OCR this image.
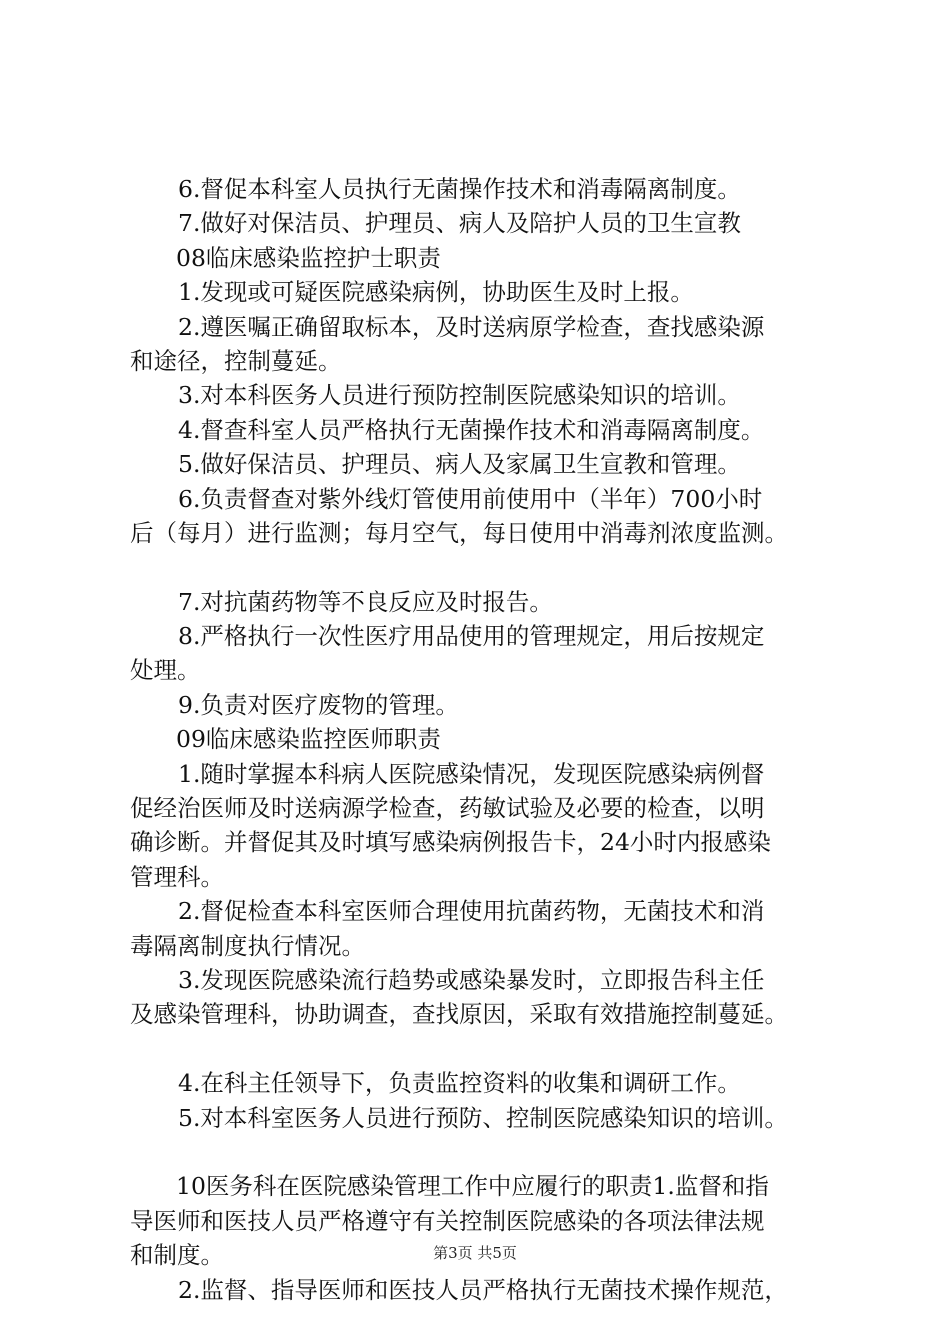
6.督促本科室人员执行无菌操作技术和消毒隔离制度。
7.做好对保洁员、护理员、病人及陪护人员的卫生宣教
08临床感染监控护士职责
1.发现或可疑医院感染病例，协助医生及时上报。
2.遵医嘱正确留取标本，及时送病原学检查，查找感染源
和途径，控制蔓延。
3.对本科医务人员进行预防控制医院感染知识的培训。
4.督查科室人员严格执行无菌操作技术和消毒隔离制度。
5.做好保洁员、护理员、病人及家属卫生宣教和管理。
6.负责督查对紫外线灯管使用前使用中（半年）700小时
后（每月）进行监测；每月空气，每日使用中消毒剂浓度监测。
7.对抗菌药物等不良反应及时报告。
8.严格执行一次性医疗用品使用的管理规定，用后按规定
处理。
9.负责对医疗废物的管理。
09临床感染监控医师职责
1.随时掌握本科病人医院感染情况，发现医院感染病例督
促经治医师及时送病源学检查，药敏试验及必要的检查，以明
确诊断。并督促其及时填写感染病例报告卡，24小时内报感染
管理科。
2.督促检查本科室医师合理使用抗菌药物，无菌技术和消
毒隔离制度执行情况。
3.发现医院感染流行趋势或感染暴发时，立即报告科主任
及感染管理科，协助调查，查找原因，采取有效措施控制蔓延。
4.在科主任领导下，负责监控资料的收集和调研工作。
5.对本科室医务人员进行预防、控制医院感染知识的培训。
10医务科在医院感染管理工作中应履行的职责1.监督和指
导医师和医技人员严格遵守有关控制医院感染的各项法律法规
和制度。
2.监督、指导医师和医技人员严格执行无菌技术操作规范，
第3页 共5页
